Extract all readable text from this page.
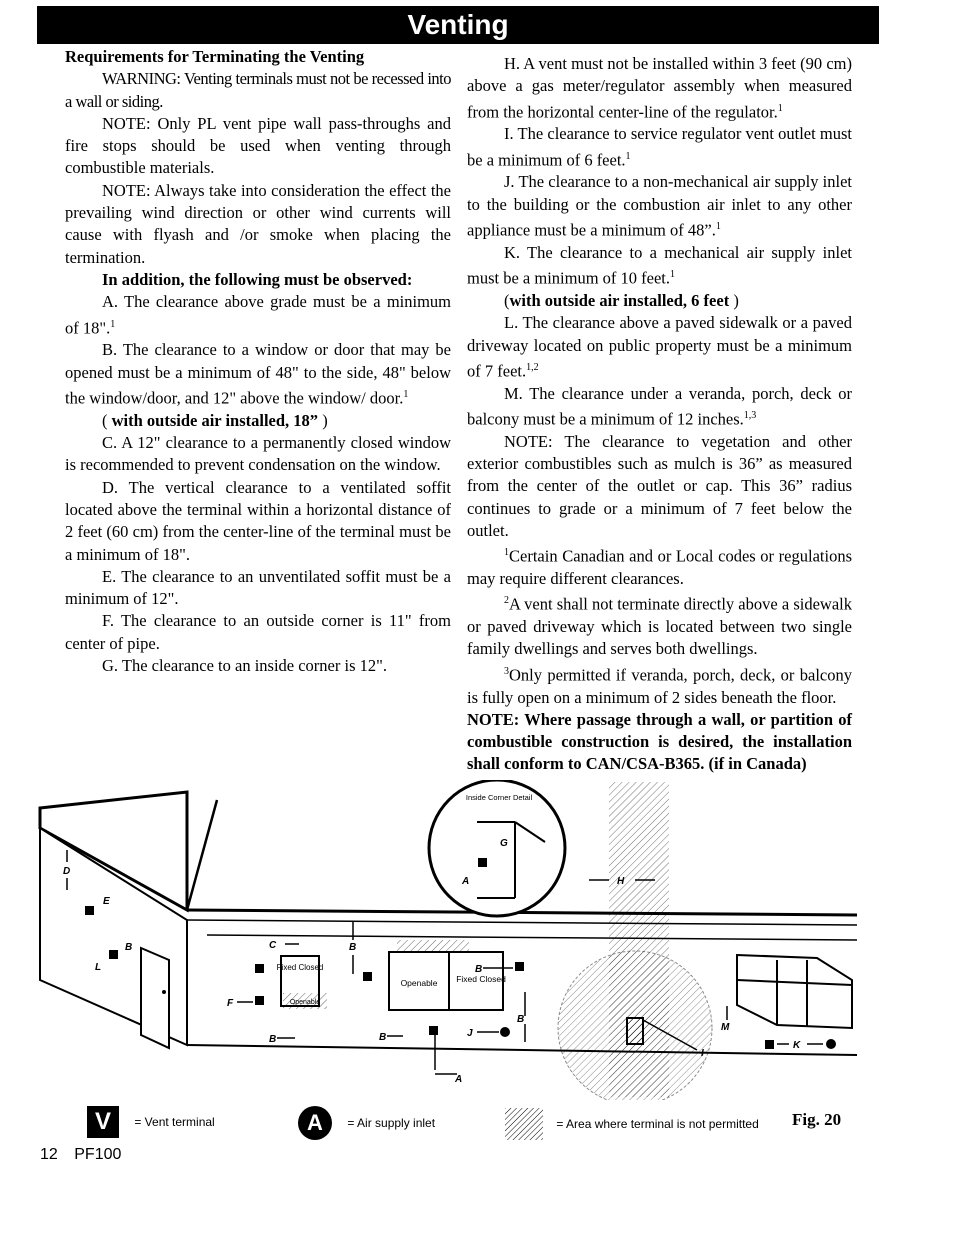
Venting

Requirements for Terminating the Venting

WARNING: Venting terminals must not be recessed into a wall or siding.

NOTE: Only PL vent pipe wall pass-throughs and fire stops should be used when venting through combustible materials.

NOTE: Always take into consideration the effect the prevailing wind direction or other wind currents will cause with flyash and /or smoke when placing the termination.

In addition, the following must be observed:

A. The clearance above grade must be a minimum of 18".$^1$

B. The clearance to a window or door that may be opened must be a minimum of 48" to the side, 48" below the window/door, and 12" above the window/ door.$^1$

( with outside air installed, 18” )

C. A 12" clearance to a permanently closed window is recommended to prevent condensation on the window.

D. The vertical clearance to a ventilated soffit located above the terminal within a horizontal distance of 2 feet (60 cm) from the center-line of the terminal must be a minimum of 18".

E. The clearance to an unventilated soffit must be a minimum of 12".

F. The clearance to an outside corner is 11" from center of pipe.

G. The clearance to an inside corner is 12".

H. A vent must not be installed within 3 feet (90 cm) above a gas meter/regulator assembly when measured from the horizontal center-line of the regulator.$^1$

I. The clearance to service regulator vent outlet must be a minimum of 6 feet.$^1$

J. The clearance to a non-mechanical air supply inlet to the building or the combustion air inlet to any other appliance must be a minimum of 48”.$^1$

K. The clearance to a mechanical air supply inlet must be a minimum of 10 feet.$^1$

(with outside air installed, 6 feet )

L. The clearance above a paved sidewalk or a paved driveway located on public property must be a minimum of 7 feet.$^{1,2}$

M. The clearance under a veranda, porch, deck or balcony must be a minimum of 12 inches.$^{1,3}$

NOTE: The clearance to vegetation and other exterior combustibles such as mulch is 36” as measured from the center of the outlet or cap. This 36” radius continues to grade or a minimum of 7 feet below the outlet.

$^1$Certain Canadian and or Local codes or regulations may require different clearances.

$^2$A vent shall not terminate directly above a sidewalk or paved driveway which is located between two single family dwellings and serves both dwellings.

$^3$Only permitted if veranda, porch, deck, or balcony is fully open on a minimum of 2 sides beneath the floor.

NOTE: Where passage through a wall, or partition of combustible construction is desired, the installation shall conform to CAN/CSA-B365. (if in Canada)

Fixed Closed
Openable
Openable Fixed Closed
Inside Corner Detail
G
A
D
E
B
L
C	B
F
B	B
B
B
J
H
I
M
K
A
V = Vent terminal	A = Air supply inlet	= Area where terminal is not permitted Fig. 20
12 PF100
